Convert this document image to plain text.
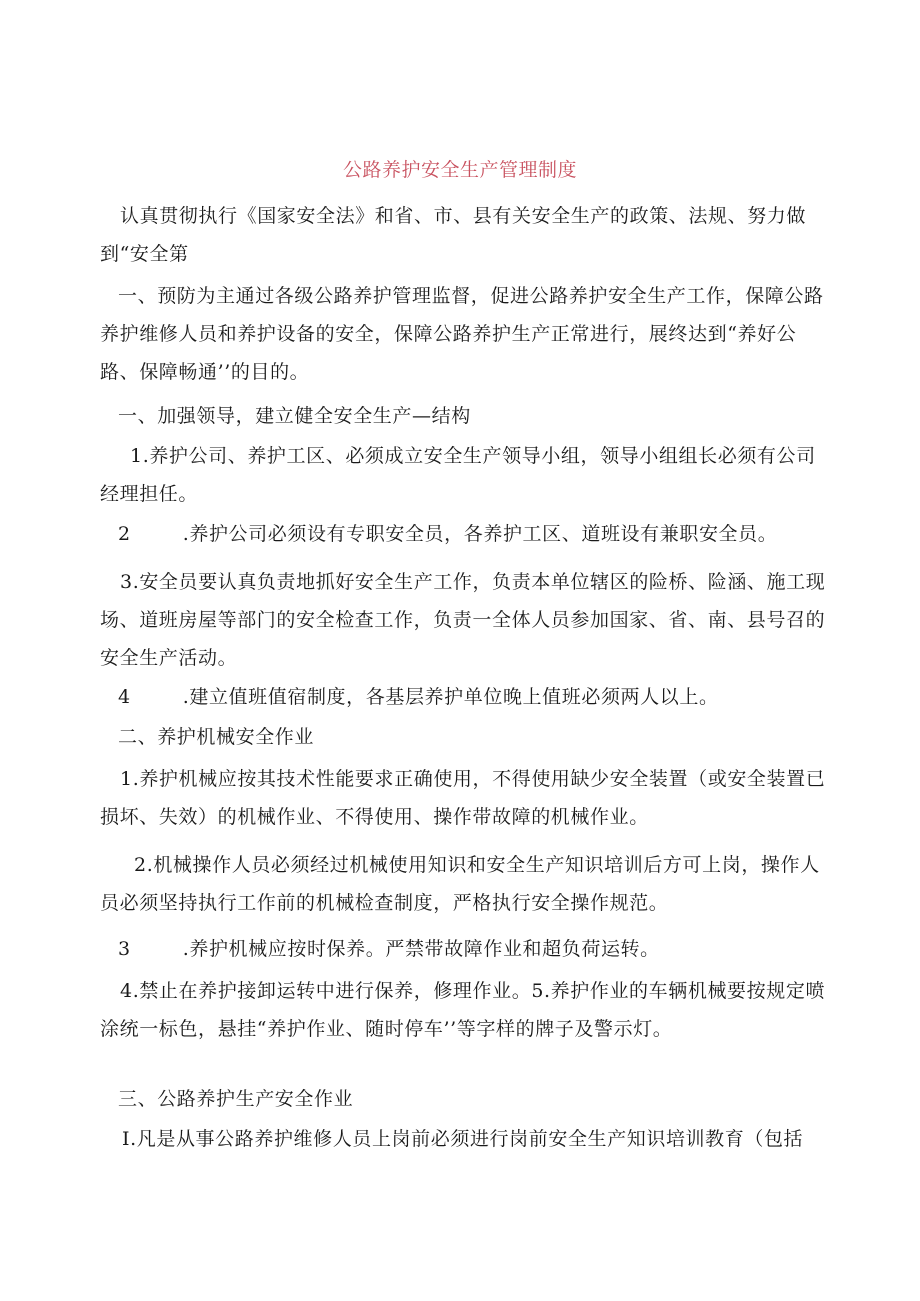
公路养护安全生产管理制度
认真贯彻执行《国家安全法》和省、市、县有关安全生产的政策、法规、努力做到“安全第
一、预防为主通过各级公路养护管理监督，促进公路养护安全生产工作，保障公路养护维修人员和养护设备的安全，保障公路养护生产正常进行，展终达到“养好公路、保障畅通’’的目的。
一、加强领导，建立健全安全生产—结构
1.养护公司、养护工区、必须成立安全生产领导小组，领导小组组长必须有公司经理担任。
2	.养护公司必须设有专职安全员，各养护工区、道班设有兼职安全员。
3.安全员要认真负责地抓好安全生产工作，负责本单位辖区的险桥、险涵、施工现场、道班房屋等部门的安全检查工作，负责一全体人员参加国家、省、南、县号召的安全生产活动。
4	.建立值班值宿制度，各基层养护单位晚上值班必须两人以上。
二、养护机械安全作业
1.养护机械应按其技术性能要求正确使用，不得使用缺少安全装置（或安全装置已损坏、失效）的机械作业、不得使用、操作带故障的机械作业。
2.机械操作人员必须经过机械使用知识和安全生产知识培训后方可上岗，操作人员必须坚持执行工作前的机械检查制度，严格执行安全操作规范。
3	.养护机械应按时保养。严禁带故障作业和超负荷运转。
4.禁止在养护接卸运转中进行保养，修理作业。5.养护作业的车辆机械要按规定喷涂统一标色，悬挂“养护作业、随时停车’’等字样的牌子及警示灯。
三、公路养护生产安全作业
I.凡是从事公路养护维修人员上岗前必须进行岗前安全生产知识培训教育（包括
